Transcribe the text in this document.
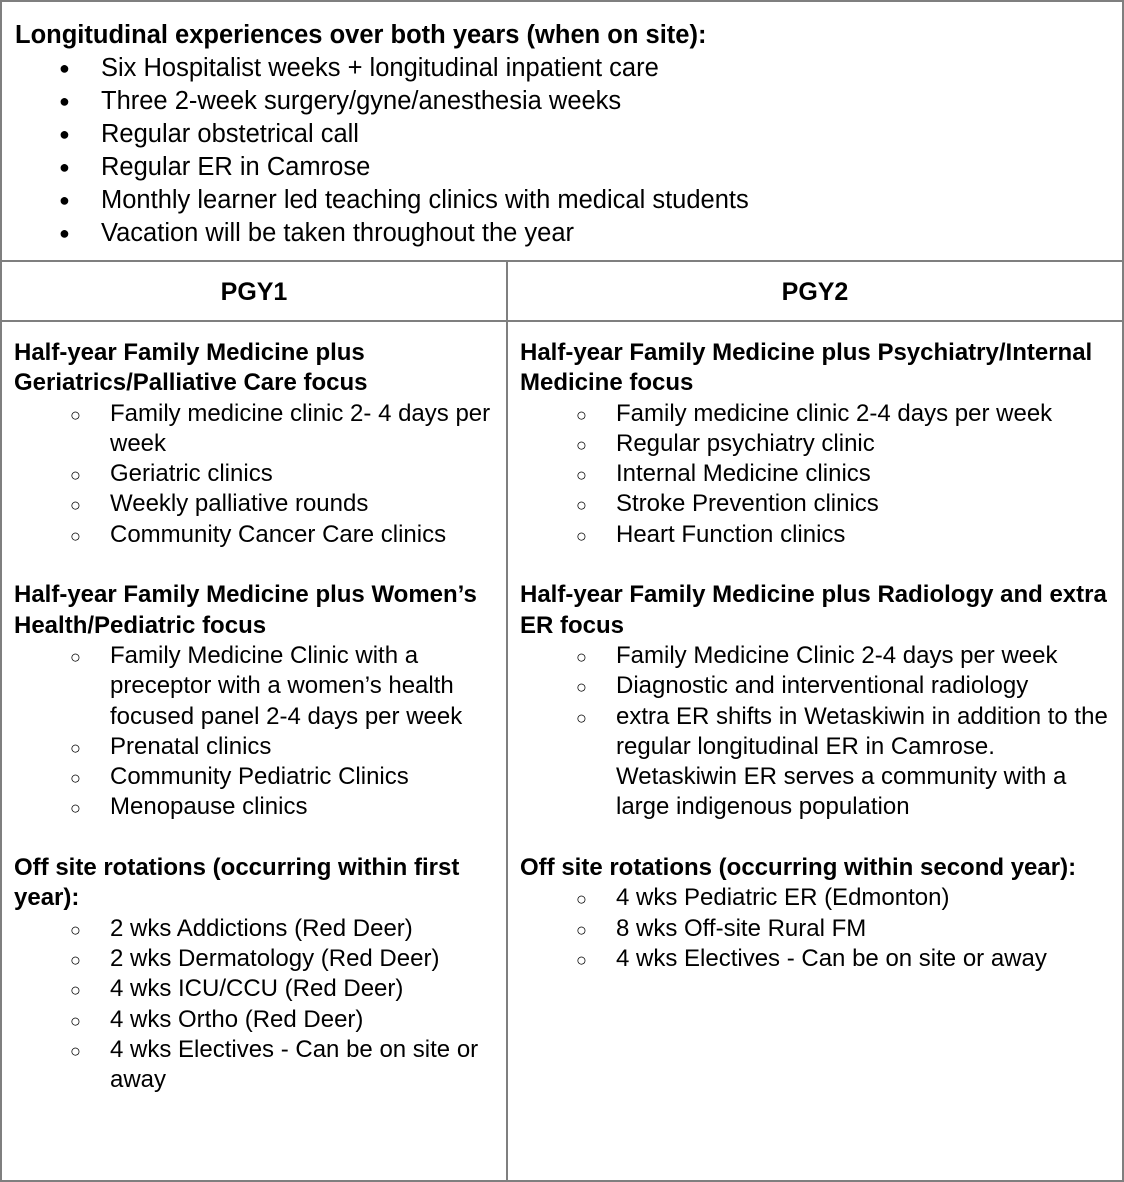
Longitudinal experiences over both years (when on site):

● Six Hospitalist weeks + longitudinal inpatient care
● Three 2-week surgery/gyne/anesthesia weeks
● Regular obstetrical call
● Regular ER in Camrose
● Monthly learner led teaching clinics with medical students
● Vacation will be taken throughout the year
PGY1	PGY2

Half-year Family Medicine plus Geriatrics/Palliative Care focus

○ Family medicine clinic 2- 4 days per week
○ Geriatric clinics
○ Weekly palliative rounds
○ Community Cancer Care clinics

Half-year Family Medicine plus Women’s Health/Pediatric focus

○ Family Medicine Clinic with a preceptor with a women’s health focused panel 2-4 days per week
○ Prenatal clinics
○ Community Pediatric Clinics
○ Menopause clinics

Off site rotations (occurring within first year):

○ 2 wks Addictions (Red Deer)
○ 2 wks Dermatology (Red Deer)
○ 4 wks ICU/CCU (Red Deer)
○ 4 wks Ortho (Red Deer)
○ 4 wks Electives - Can be on site or away

Half-year Family Medicine plus Psychiatry/Internal Medicine focus

○ Family medicine clinic 2-4 days per week
○ Regular psychiatry clinic
○ Internal Medicine clinics
○ Stroke Prevention clinics
○ Heart Function clinics

Half-year Family Medicine plus Radiology and extra ER focus

○ Family Medicine Clinic 2-4 days per week
○ Diagnostic and interventional radiology
○ extra ER shifts in Wetaskiwin in addition to the regular longitudinal ER in Camrose. Wetaskiwin ER serves a community with a large indigenous population

Off site rotations (occurring within second year):

○ 4 wks Pediatric ER (Edmonton)
○ 8 wks Off-site Rural FM
○ 4 wks Electives - Can be on site or away
